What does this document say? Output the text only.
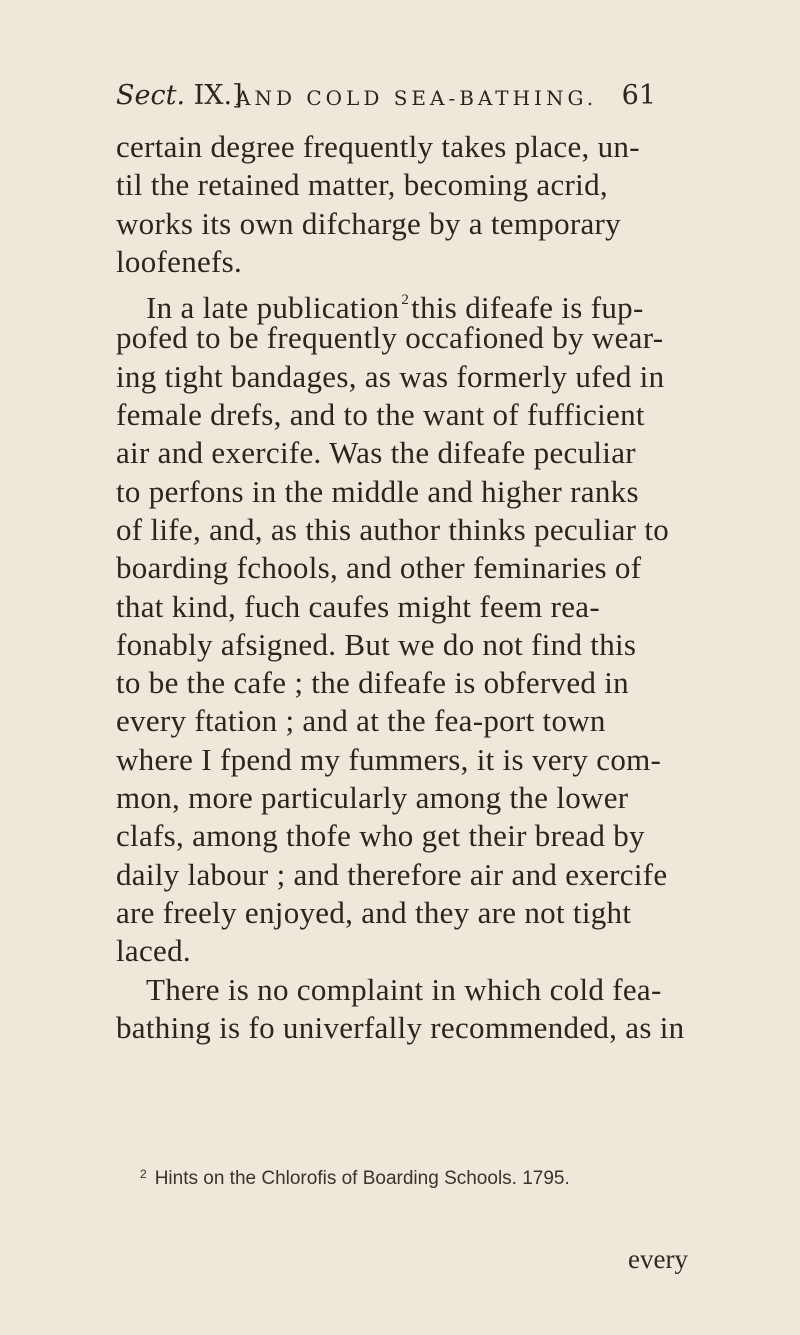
Sect. IX.]
AND COLD SEA-BATHING. 61
certain degree frequently takes place, un-
til the retained matter, becoming acrid,
works its own difcharge by a temporary
loofenefs.
In a late publication $^2$this difeafe is fup-
pofed to be frequently occafioned by wear-
ing tight bandages, as was formerly ufed in
female drefs, and to the want of fufficient
air and exercife. Was the difeafe peculiar
to perfons in the middle and higher ranks
of life, and, as this author thinks peculiar to
boarding fchools, and other feminaries of
that kind, fuch caufes might feem rea-
fonably afsigned. But we do not find this
to be the cafe ; the difeafe is obferved in
every ftation ; and at the fea-port town
where I fpend my fummers, it is very com-
mon, more particularly among the lower
clafs, among thofe who get their bread by
daily labour ; and therefore air and exercife
are freely enjoyed, and they are not tight
laced.
There is no complaint in which cold fea-
bathing is fo univerfally recommended, as in
$^2$ Hints on the Chlorofis of Boarding Schools. 1795.
every
